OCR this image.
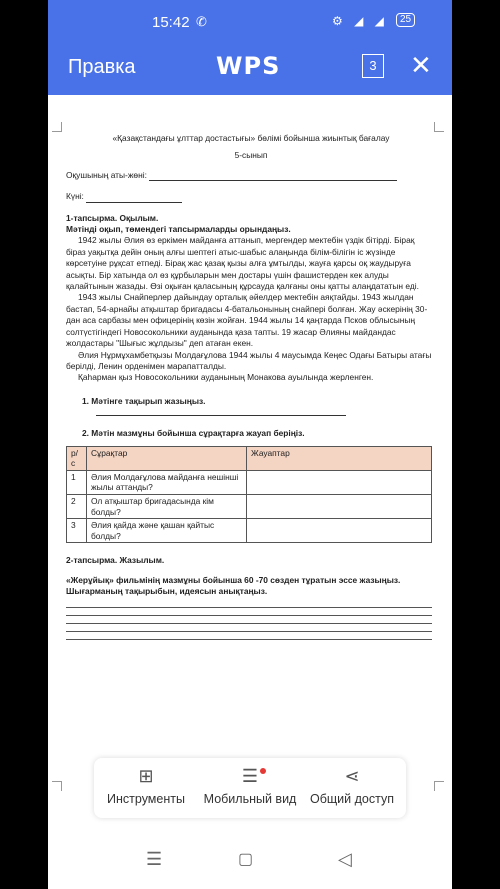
15:42 ✆	⚙ ◢ ◢	25
Правка	WPS	3 ✕
«Қазақстандағы ұлттар достастығы» бөлімі бойынша жиынтық бағалау
5-сынып
Оқушының аты-жөні:
Күні:
1-тапсырма. Оқылым.
Мәтінді оқып, төмендегі тапсырмаларды орындаңыз.
1942 жылы Әлия өз еркімен майданға аттанып, мергендер мектебін үздік бітірді. Бірақ біраз уақытқа дейін оның алғы шептегі атыс-шабыс алаңында білім-білігін іс жүзінде көрсетуіне рұқсат етпеді. Бірақ жас қазақ қызы алға ұмтылды, жауға қарсы оқ жаудыруға асықты. Бір хатында ол өз құрбыларын мен достары үшін фашистерден кек алуды қалайтынын жазады. Өзі оқыған қаласының құрсауда қалғаны оны қатты алаңдататын еді.
1943 жылы Снайперлер дайындау орталық әйелдер мектебін аяқтайды. 1943 жылдан бастап, 54-арнайы атқыштар бригадасы 4-батальонының снайпері болған. Жау әскерінің 30-дан аса сарбазы мен офицерінің көзін жойған. 1944 жылы 14 қаңтарда Псков облысының солтүстігіндегі Новосокольники ауданында қаза тапты. 19 жасар Әлияны майдандас жолдастары "Шығыс жұлдызы" деп атаған екен.
Әлия Нұрмұхамбетқызы Молдағұлова 1944 жылы 4 маусымда Кеңес Одағы Батыры атағы берілді, Ленин орденімен марапатталды.
Қаһарман қыз Новосокольники ауданының Монакова ауылында жерленген.
1. Мәтінге тақырып жазыңыз.
2. Мәтін мазмұны бойынша сұрақтарға жауап беріңіз.
р/с	Сұрақтар	Жауаптар
1	Әлия Молдағұлова майданға нешінші жылы аттанды?	
2	Ол атқыштар бригадасында кім болды?	
3	Әлия қайда және қашан қайтыс болды?	
2-тапсырма. Жазылым.
«Жерұйық» фильмінің мазмұны бойынша 60 -70 сөзден тұратын эссе жазыңыз. Шығарманың тақырыбын, идеясын анықтаңыз.
⊞
Инструменты
☰
Мобильный вид
⋖
Общий доступ
☰	▢	◁
